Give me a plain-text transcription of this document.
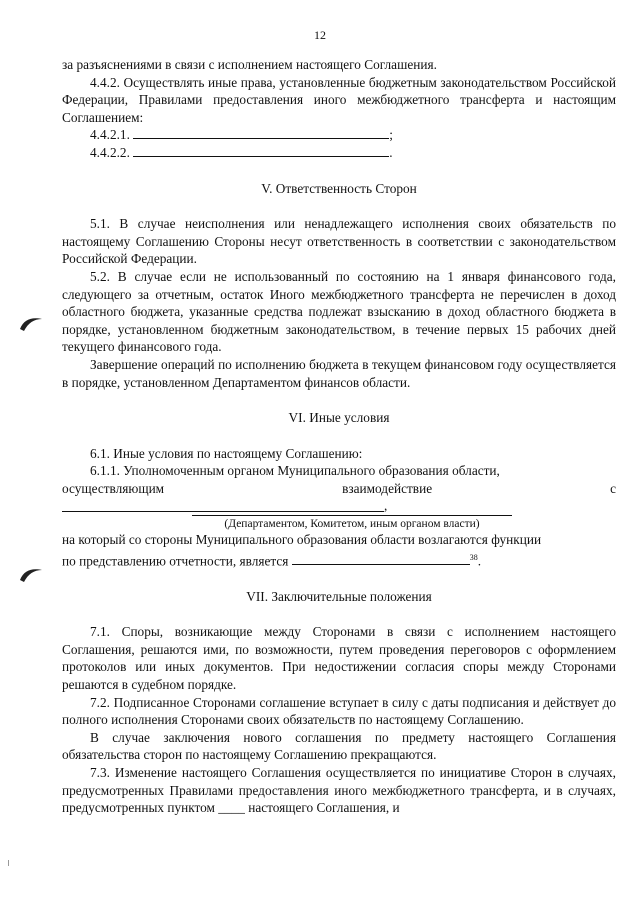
12

за разъяснениями в связи с исполнением настоящего Соглашения.

4.4.2. Осуществлять иные права, установленные бюджетным законодательством Российской Федерации, Правилами предоставления иного межбюджетного трансферта и настоящим Соглашением:

4.4.2.1.	;

4.4.2.2.	.

V. Ответственность Сторон

5.1. В случае неисполнения или ненадлежащего исполнения своих обязательств по настоящему Соглашению Стороны несут ответственность в соответствии с законодательством Российской Федерации.

5.2. В случае если не использованный по состоянию на 1 января финансового года, следующего за отчетным, остаток Иного межбюджетного трансферта не перечислен в доход областного бюджета, указанные средства подлежат взысканию в доход областного бюджета в порядке, установленном бюджетным законодательством, в течение первых 15 рабочих дней текущего финансового года.

Завершение операций по исполнению бюджета в текущем финансовом году осуществляется в порядке, установленном Департаментом финансов области.

VI. Иные условия

6.1. Иные условия по настоящему Соглашению:

6.1.1. Уполномоченным органом Муниципального образования области,

осуществляющим	взаимодействие	с
,
(Департаментом, Комитетом, иным органом власти)

на который со стороны Муниципального образования области возлагаются функции

по представлению отчетности, является	$^{38}$.

VII. Заключительные положения

7.1. Споры, возникающие между Сторонами в связи с исполнением настоящего Соглашения, решаются ими, по возможности, путем проведения переговоров с оформлением протоколов или иных документов. При недостижении согласия споры между Сторонами решаются в судебном порядке.

7.2. Подписанное Сторонами соглашение вступает в силу с даты подписания и действует до полного исполнения Сторонами своих обязательств по настоящему Соглашению.

В случае заключения нового соглашения по предмету настоящего Соглашения обязательства сторон по настоящему Соглашению прекращаются.

7.3. Изменение настоящего Соглашения осуществляется по инициативе Сторон в случаях, предусмотренных Правилами предоставления иного межбюджетного трансферта, и в случаях, предусмотренных пунктом ____ настоящего Соглашения, и
